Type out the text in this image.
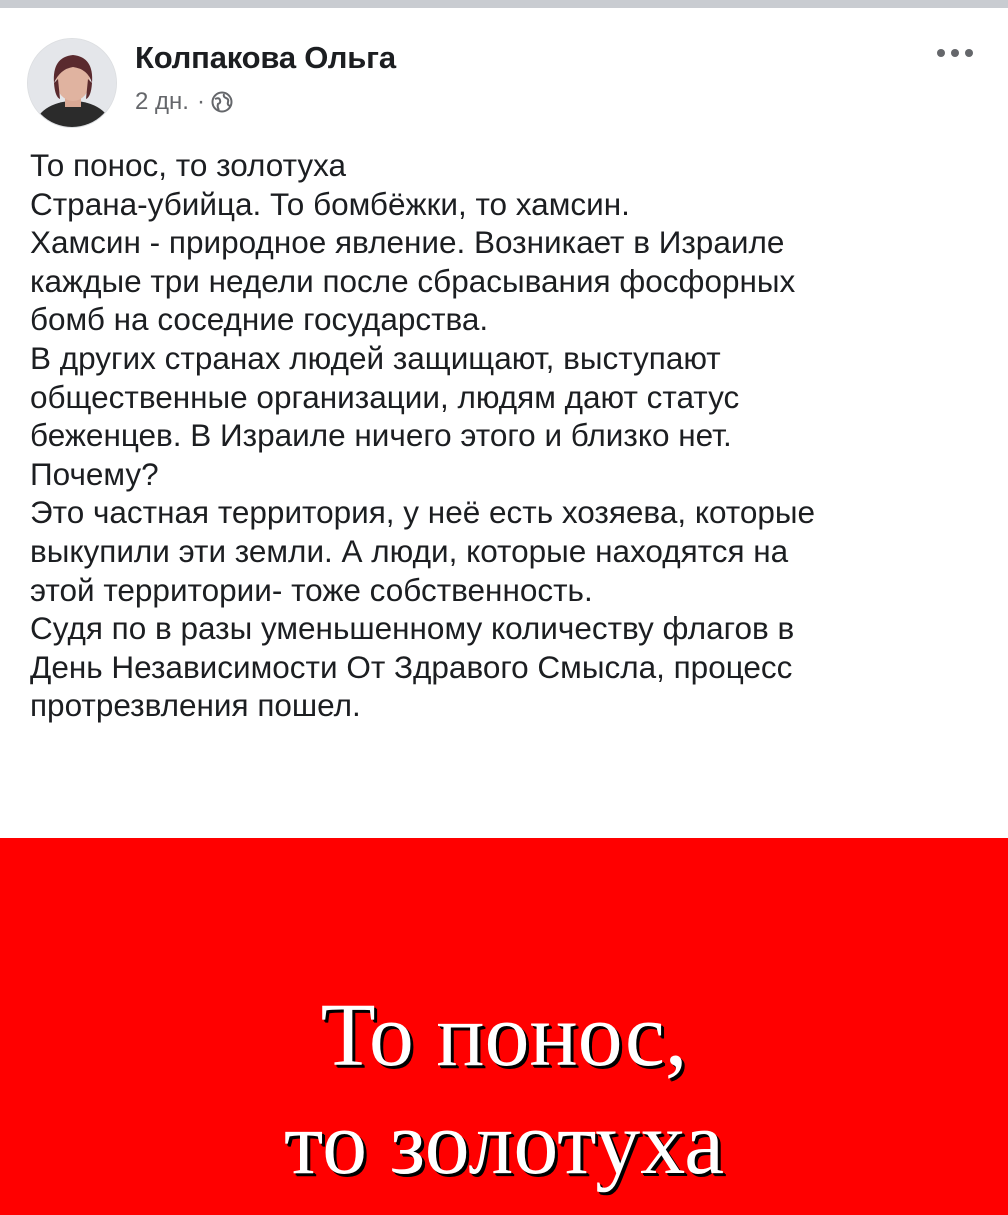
Колпакова Ольга
2 дн. ·
То понос, то золотуха
Страна-убийца. То бомбёжки, то хамсин.
Хамсин - природное явление. Возникает в Израиле
каждые три недели после сбрасывания фосфорных
бомб на соседние государства.
В других странах людей защищают, выступают
общественные организации, людям дают статус
беженцев. В Израиле ничего этого и близко нет.
Почему?
Это частная территория, у неё есть хозяева, которые
выкупили эти земли. А люди, которые находятся на
этой территории- тоже собственность.
Судя по в разы уменьшенному количеству флагов в
День Независимости От Здравого Смысла, процесс
протрезвления пошел.
То понос,
то золотуха
